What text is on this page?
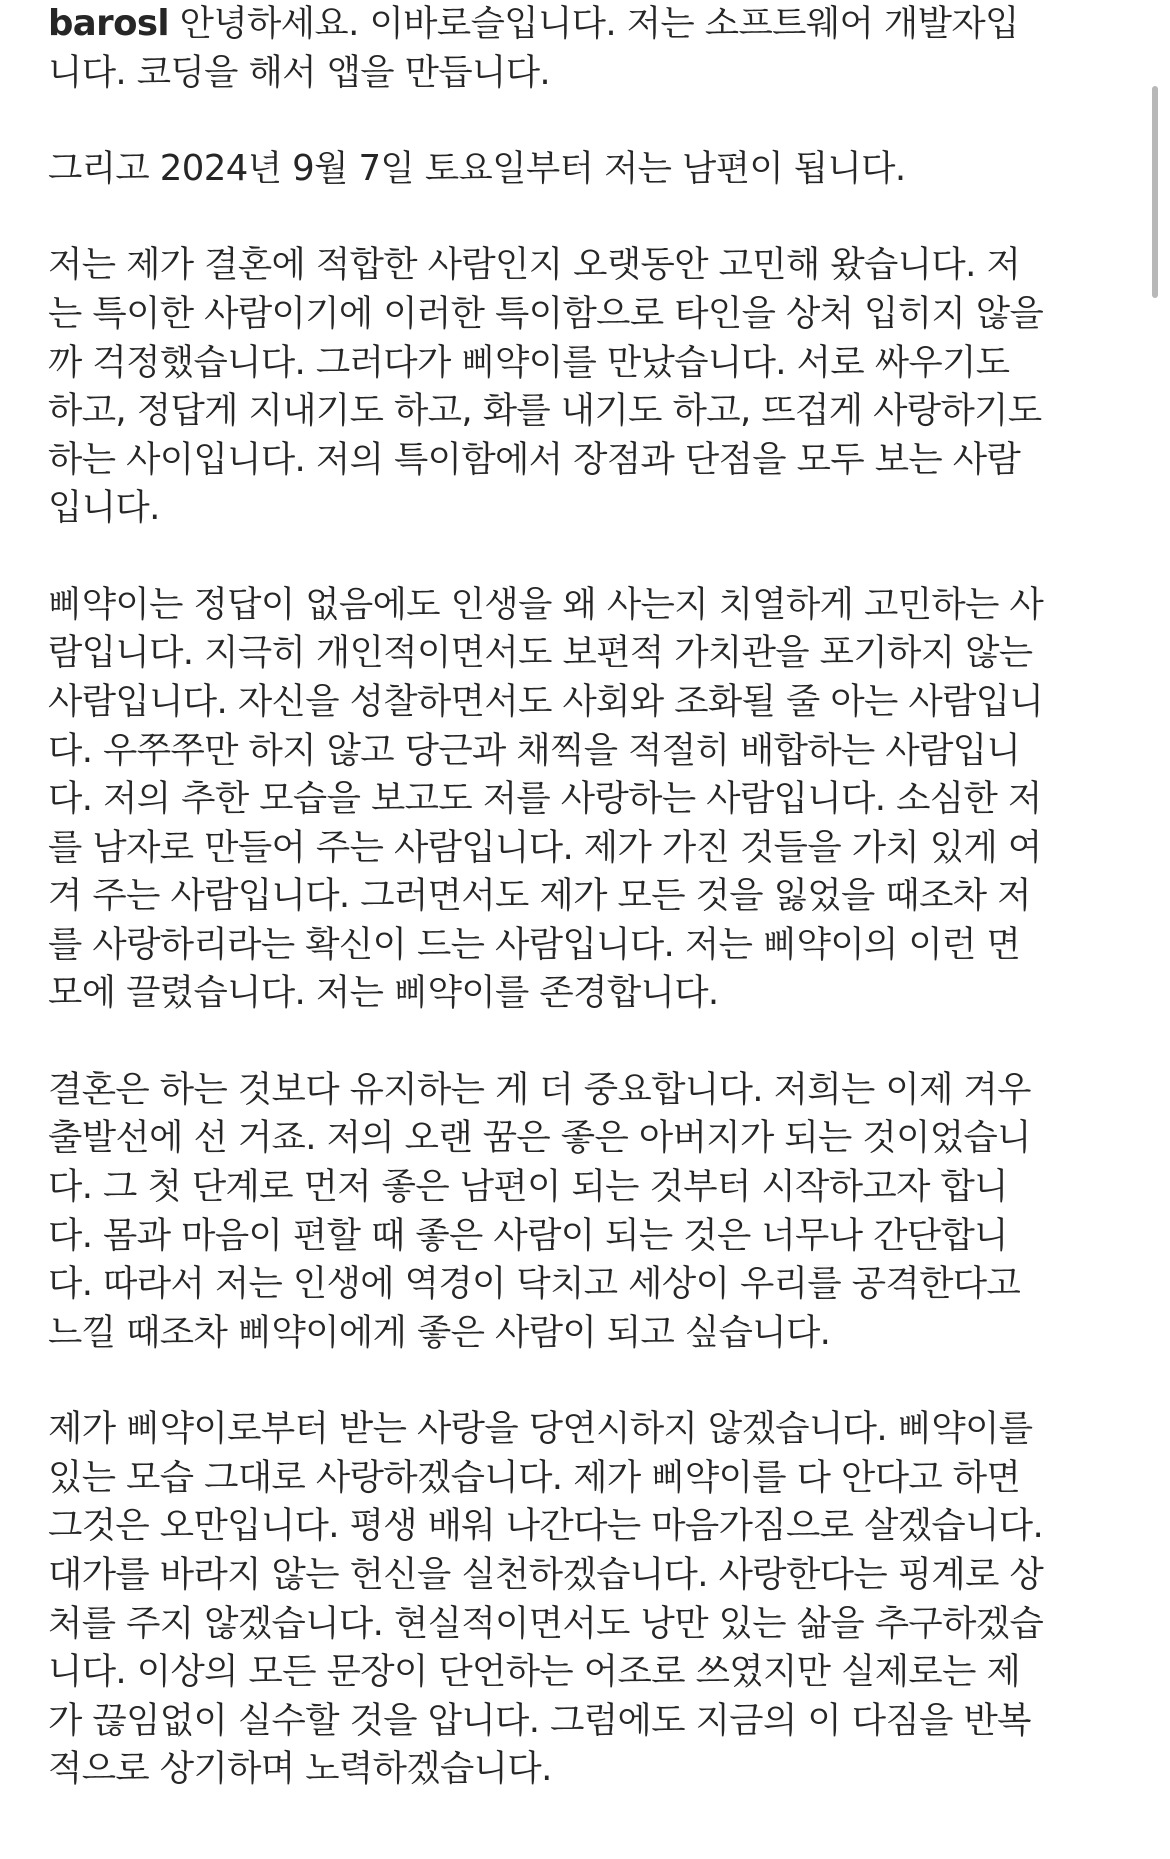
barosl 안녕하세요. 이바로슬입니다. 저는 소프트웨어 개발자입
니다. 코딩을 해서 앱을 만듭니다.
그리고 2024년 9월 7일 토요일부터 저는 남편이 됩니다.
저는 제가 결혼에 적합한 사람인지 오랫동안 고민해 왔습니다. 저
는 특이한 사람이기에 이러한 특이함으로 타인을 상처 입히지 않을
까 걱정했습니다. 그러다가 삐약이를 만났습니다. 서로 싸우기도
하고, 정답게 지내기도 하고, 화를 내기도 하고, 뜨겁게 사랑하기도
하는 사이입니다. 저의 특이함에서 장점과 단점을 모두 보는 사람
입니다.
삐약이는 정답이 없음에도 인생을 왜 사는지 치열하게 고민하는 사
람입니다. 지극히 개인적이면서도 보편적 가치관을 포기하지 않는
사람입니다. 자신을 성찰하면서도 사회와 조화될 줄 아는 사람입니
다. 우쭈쭈만 하지 않고 당근과 채찍을 적절히 배합하는 사람입니
다. 저의 추한 모습을 보고도 저를 사랑하는 사람입니다. 소심한 저
를 남자로 만들어 주는 사람입니다. 제가 가진 것들을 가치 있게 여
겨 주는 사람입니다. 그러면서도 제가 모든 것을 잃었을 때조차 저
를 사랑하리라는 확신이 드는 사람입니다. 저는 삐약이의 이런 면
모에 끌렸습니다. 저는 삐약이를 존경합니다.
결혼은 하는 것보다 유지하는 게 더 중요합니다. 저희는 이제 겨우
출발선에 선 거죠. 저의 오랜 꿈은 좋은 아버지가 되는 것이었습니
다. 그 첫 단계로 먼저 좋은 남편이 되는 것부터 시작하고자 합니
다. 몸과 마음이 편할 때 좋은 사람이 되는 것은 너무나 간단합니
다. 따라서 저는 인생에 역경이 닥치고 세상이 우리를 공격한다고
느낄 때조차 삐약이에게 좋은 사람이 되고 싶습니다.
제가 삐약이로부터 받는 사랑을 당연시하지 않겠습니다. 삐약이를
있는 모습 그대로 사랑하겠습니다. 제가 삐약이를 다 안다고 하면
그것은 오만입니다. 평생 배워 나간다는 마음가짐으로 살겠습니다.
대가를 바라지 않는 헌신을 실천하겠습니다. 사랑한다는 핑계로 상
처를 주지 않겠습니다. 현실적이면서도 낭만 있는 삶을 추구하겠습
니다. 이상의 모든 문장이 단언하는 어조로 쓰였지만 실제로는 제
가 끊임없이 실수할 것을 압니다. 그럼에도 지금의 이 다짐을 반복
적으로 상기하며 노력하겠습니다.
